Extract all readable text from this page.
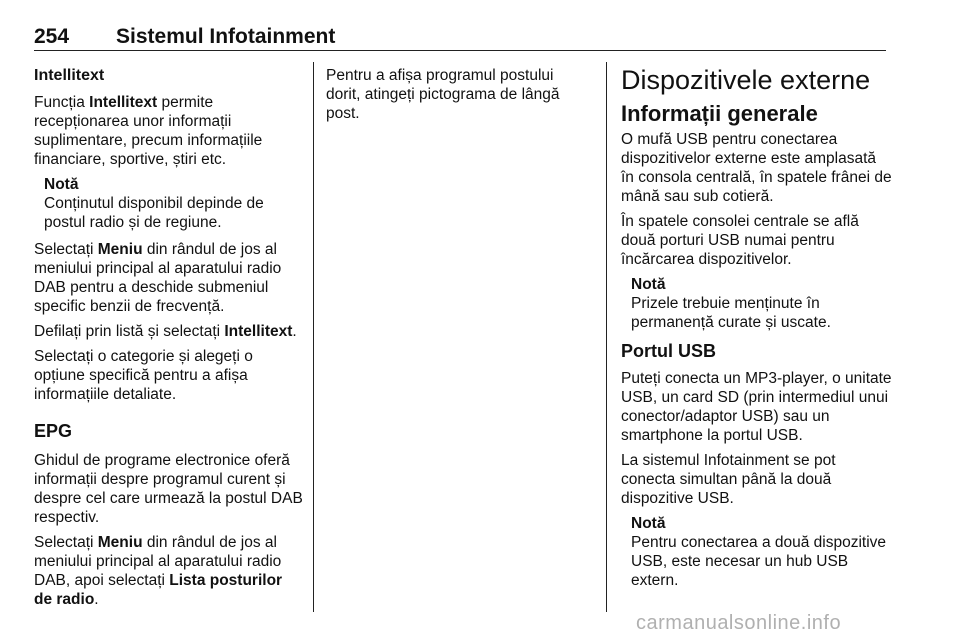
254 Sistemul Infotainment

Intellitext

Funcția Intellitext permite recepționarea unor informații suplimentare, precum informațiile financiare, sportive, știri etc.

Notă
Conținutul disponibil depinde de postul radio și de regiune.

Selectați Meniu din rândul de jos al meniului principal al aparatului radio DAB pentru a deschide submeniul specific benzii de frecvență.

Defilați prin listă și selectați Intellitext.

Selectați o categorie și alegeți o opțiune specifică pentru a afișa informațiile detaliate.

EPG

Ghidul de programe electronice oferă informații despre programul curent și despre cel care urmează la postul DAB respectiv.

Selectați Meniu din rândul de jos al meniului principal al aparatului radio DAB, apoi selectați Lista posturilor de radio.

Pentru a afișa programul postului dorit, atingeți pictograma de lângă post.

Dispozitivele externe

Informații generale

O mufă USB pentru conectarea dispozitivelor externe este amplasată în consola centrală, în spatele frânei de mână sau sub cotieră.

În spatele consolei centrale se află două porturi USB numai pentru încărcarea dispozitivelor.

Notă
Prizele trebuie menținute în permanență curate și uscate.

Portul USB

Puteți conecta un MP3-player, o unitate USB, un card SD (prin intermediul unui conector/adaptor USB) sau un smartphone la portul USB.

La sistemul Infotainment se pot conecta simultan până la două dispozitive USB.

Notă
Pentru conectarea a două dispozitive USB, este necesar un hub USB extern.
carmanualsonline.info
